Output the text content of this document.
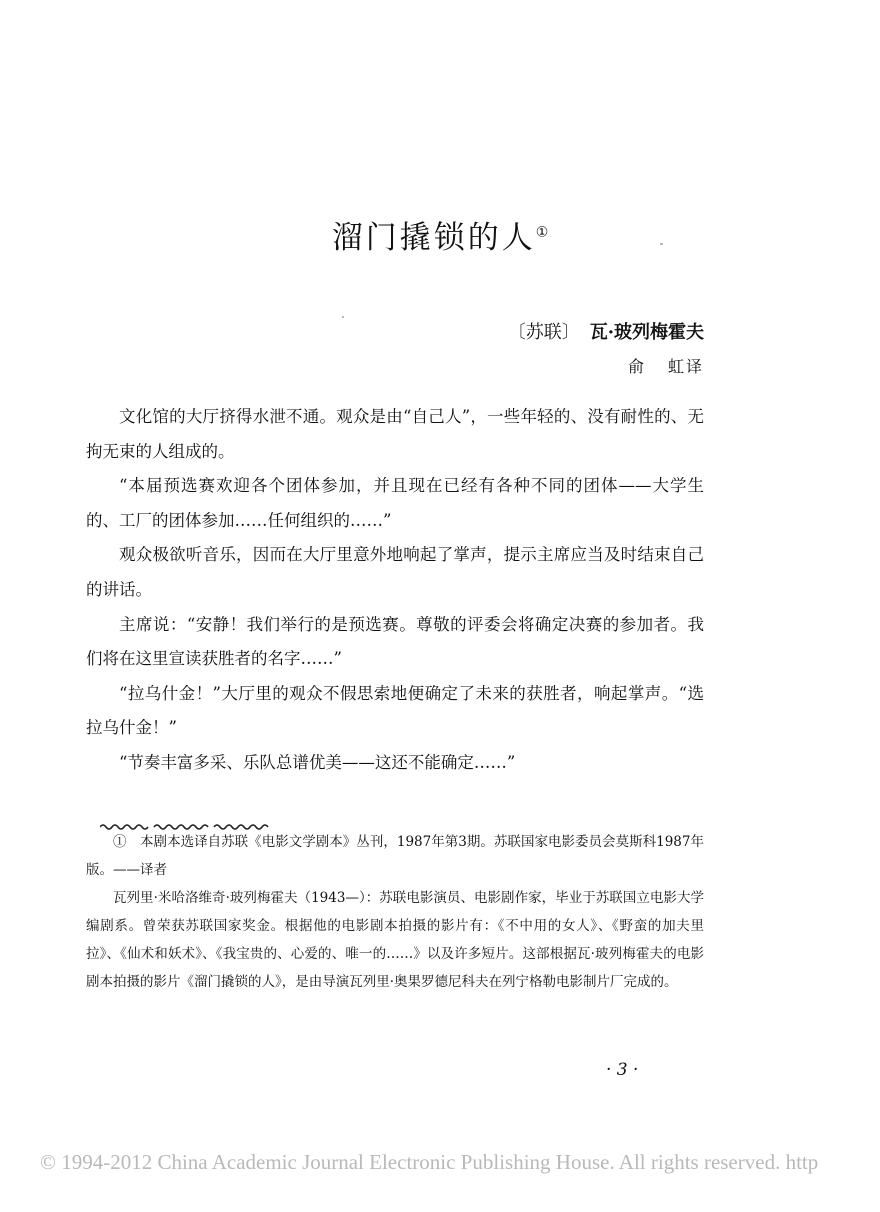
溜门撬锁的人①
〔苏联〕 瓦·玻列梅霍夫
俞 虹译

文化馆的大厅挤得水泄不通。观众是由“自己人”，一些年轻的、没有耐性的、无拘无束的人组成的。

“本届预选赛欢迎各个团体参加，并且现在已经有各种不同的团体——大学生的、工厂的团体参加……任何组织的……”

观众极欲听音乐，因而在大厅里意外地响起了掌声，提示主席应当及时结束自己的讲话。

主席说：“安静！我们举行的是预选赛。尊敬的评委会将确定决赛的参加者。我们将在这里宣读获胜者的名字……”

“拉乌什金！”大厅里的观众不假思索地便确定了未来的获胜者，响起掌声。“选拉乌什金！”

“节奏丰富多采、乐队总谱优美——这还不能确定……”

①　本剧本选译自苏联《电影文学剧本》丛刊，1987年第3期。苏联国家电影委员会莫斯科1987年版。——译者

瓦列里·米哈洛维奇·玻列梅霍夫（1943—）：苏联电影演员、电影剧作家，毕业于苏联国立电影大学编剧系。曾荣获苏联国家奖金。根据他的电影剧本拍摄的影片有：《不中用的女人》、《野蛮的加夫里拉》、《仙术和妖术》、《我宝贵的、心爱的、唯一的……》以及许多短片。这部根据瓦·玻列梅霍夫的电影剧本拍摄的影片《溜门撬锁的人》，是由导演瓦列里·奥果罗德尼科夫在列宁格勒电影制片厂完成的。

· 3 ·
© 1994-2012 China Academic Journal Electronic Publishing House. All rights reserved. http
